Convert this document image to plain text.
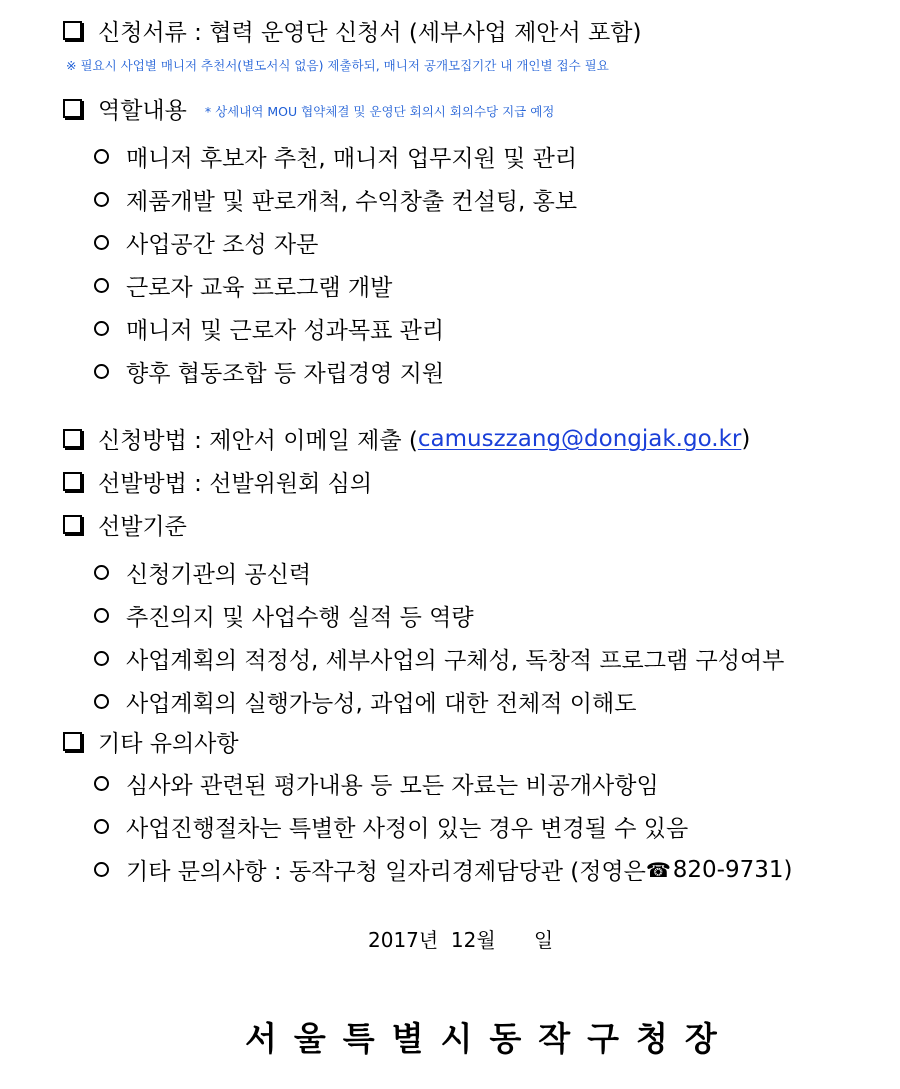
신청서류 : 협력 운영단 신청서 (세부사업 제안서 포함)
※ 필요시 사업별 매니저 추천서(별도서식 없음) 제출하되, 매니저 공개모집기간 내 개인별 접수 필요
역할내용 * 상세내역 MOU 협약체결 및 운영단 회의시 회의수당 지급 예정
매니저 후보자 추천, 매니저 업무지원 및 관리
제품개발 및 판로개척, 수익창출 컨설팅, 홍보
사업공간 조성 자문
근로자 교육 프로그램 개발
매니저 및 근로자 성과목표 관리
향후 협동조합 등 자립경영 지원
신청방법 : 제안서 이메일 제출 ( camuszzang@dongjak.go.kr )
선발방법 : 선발위원회 심의
선발기준
신청기관의 공신력
추진의지 및 사업수행 실적 등 역량
사업계획의 적정성, 세부사업의 구체성, 독창적 프로그램 구성여부
사업계획의 실행가능성, 과업에 대한 전체적 이해도
기타 유의사항
심사와 관련된 평가내용 등 모든 자료는 비공개사항임
사업진행절차는 특별한 사정이 있는 경우 변경될 수 있음
기타 문의사항 : 동작구청 일자리경제담당관 (정영은 ☎ 820-9731)
2017년  12월      일
서울특별시동작구청장
